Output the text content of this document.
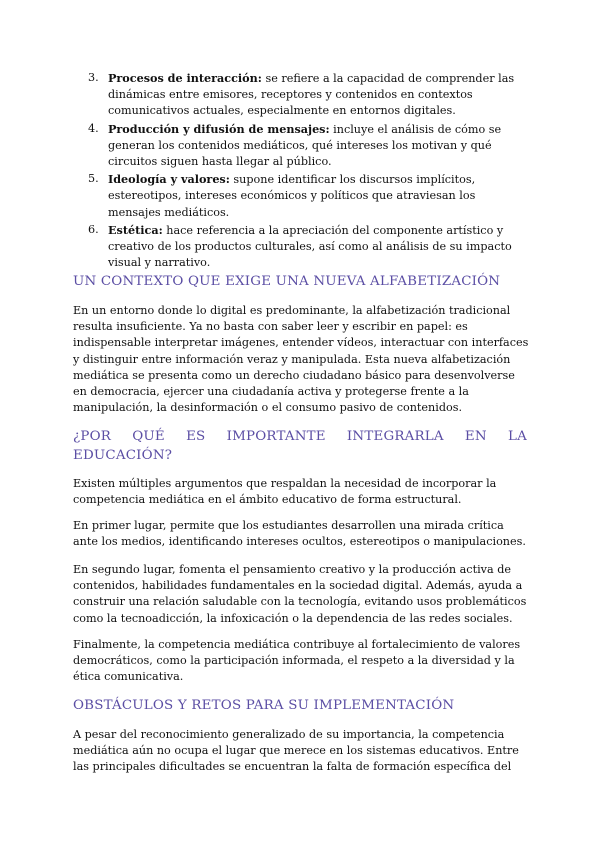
3. Procesos de interacción: se refiere a la capacidad de comprender las dinámicas entre emisores, receptores y contenidos en contextos comunicativos actuales, especialmente en entornos digitales.
4. Producción y difusión de mensajes: incluye el análisis de cómo se generan los contenidos mediáticos, qué intereses los motivan y qué circuitos siguen hasta llegar al público.
5. Ideología y valores: supone identificar los discursos implícitos, estereotipos, intereses económicos y políticos que atraviesan los mensajes mediáticos.
6. Estética: hace referencia a la apreciación del componente artístico y creativo de los productos culturales, así como al análisis de su impacto visual y narrativo.
UN CONTEXTO QUE EXIGE UNA NUEVA ALFABETIZACIÓN

En un entorno donde lo digital es predominante, la alfabetización tradicional resulta insuficiente. Ya no basta con saber leer y escribir en papel: es indispensable interpretar imágenes, entender vídeos, interactuar con interfaces y distinguir entre información veraz y manipulada. Esta nueva alfabetización mediática se presenta como un derecho ciudadano básico para desenvolverse en democracia, ejercer una ciudadanía activa y protegerse frente a la manipulación, la desinformación o el consumo pasivo de contenidos.

¿POR QUÉ ES IMPORTANTE INTEGRARLA EN LA EDUCACIÓN?

Existen múltiples argumentos que respaldan la necesidad de incorporar la competencia mediática en el ámbito educativo de forma estructural.

En primer lugar, permite que los estudiantes desarrollen una mirada crítica ante los medios, identificando intereses ocultos, estereotipos o manipulaciones.

En segundo lugar, fomenta el pensamiento creativo y la producción activa de contenidos, habilidades fundamentales en la sociedad digital. Además, ayuda a construir una relación saludable con la tecnología, evitando usos problemáticos como la tecnoadicción, la infoxicación o la dependencia de las redes sociales.

Finalmente, la competencia mediática contribuye al fortalecimiento de valores democráticos, como la participación informada, el respeto a la diversidad y la ética comunicativa.

OBSTÁCULOS Y RETOS PARA SU IMPLEMENTACIÓN

A pesar del reconocimiento generalizado de su importancia, la competencia mediática aún no ocupa el lugar que merece en los sistemas educativos. Entre las principales dificultades se encuentran la falta de formación específica del
